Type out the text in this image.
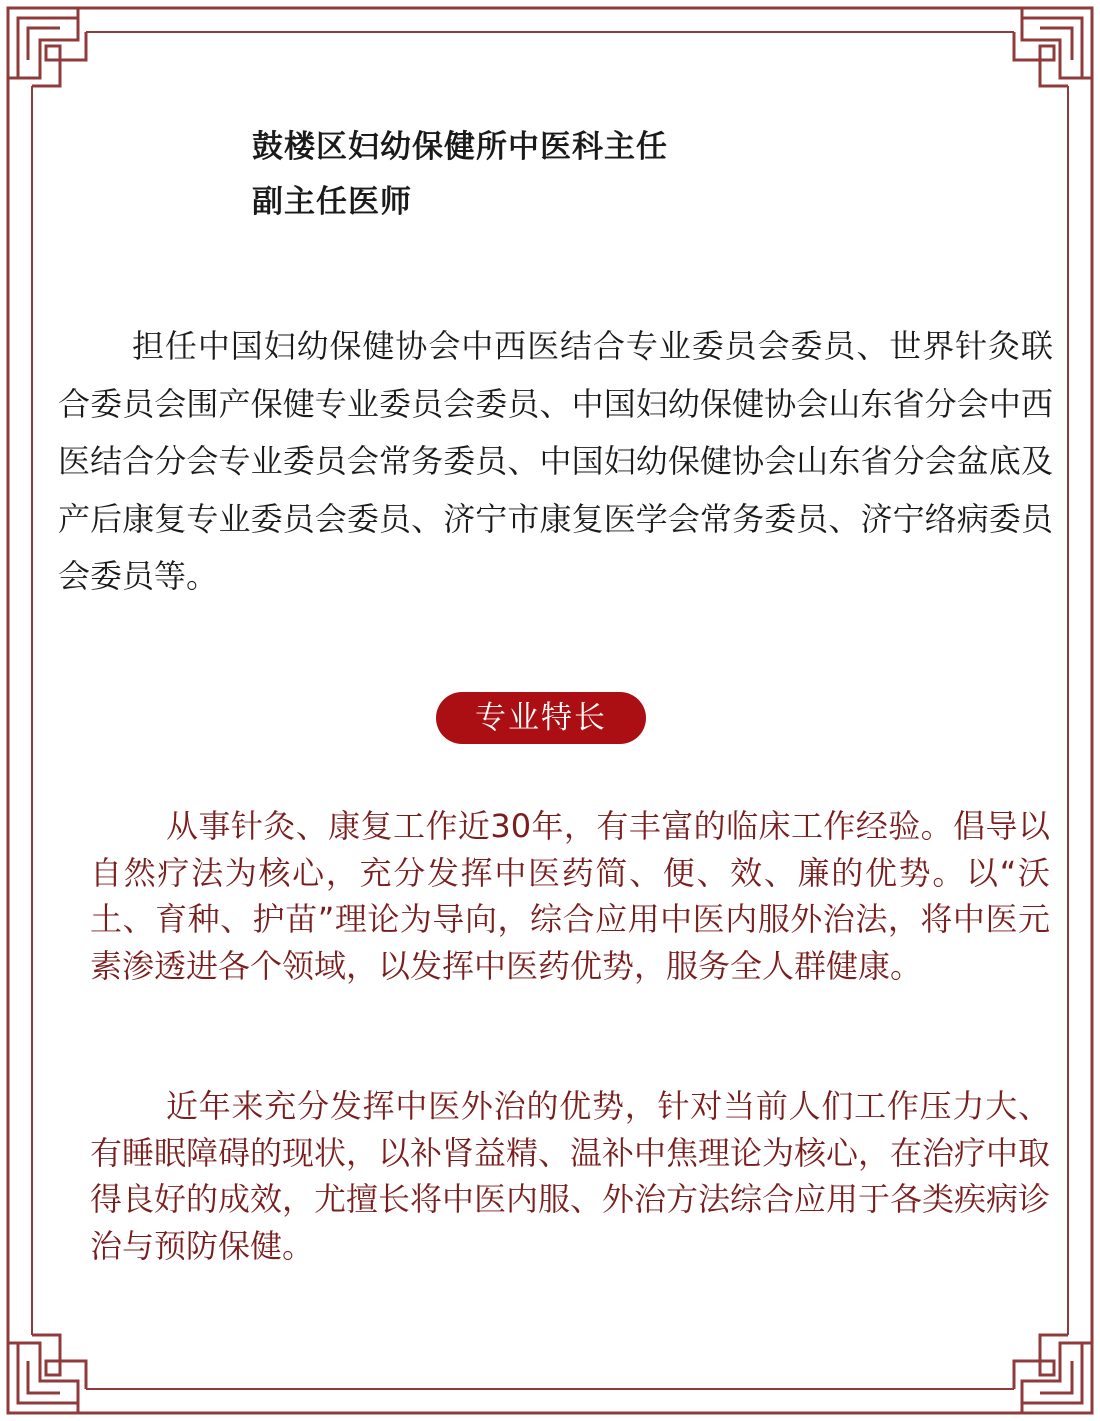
鼓楼区妇幼保健所中医科主任
副主任医师

担任中国妇幼保健协会中西医结合专业委员会委员、世界针灸联合委员会围产保健专业委员会委员、中国妇幼保健协会山东省分会中西医结合分会专业委员会常务委员、中国妇幼保健协会山东省分会盆底及产后康复专业委员会委员、济宁市康复医学会常务委员、济宁络病委员会委员等。

专业特长

从事针灸、康复工作近30年，有丰富的临床工作经验。倡导以自然疗法为核心，充分发挥中医药简、便、效、廉的优势。以“沃土、育种、护苗”理论为导向，综合应用中医内服外治法，将中医元素渗透进各个领域，以发挥中医药优势，服务全人群健康。

近年来充分发挥中医外治的优势，针对当前人们工作压力大、有睡眠障碍的现状，以补肾益精、温补中焦理论为核心，在治疗中取得良好的成效，尤擅长将中医内服、外治方法综合应用于各类疾病诊治与预防保健。
